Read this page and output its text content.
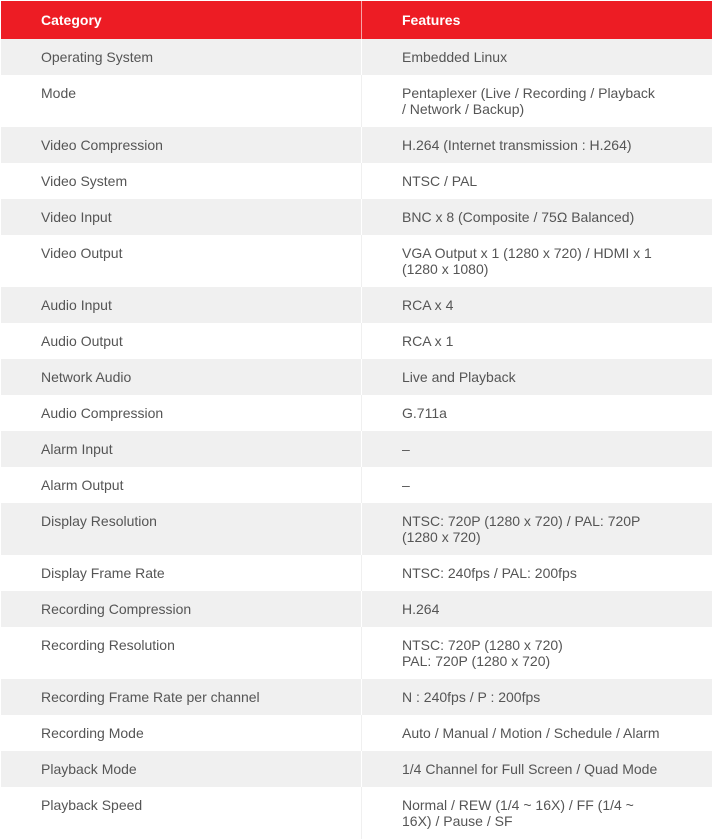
Category	Features
Operating System	Embedded Linux
Mode	Pentaplexer (Live / Recording / Playback / Network / Backup)
Video Compression	H.264 (Internet transmission : H.264)
Video System	NTSC / PAL
Video Input	BNC x 8 (Composite / 75Ω Balanced)
Video Output	VGA Output x 1 (1280 x 720) / HDMI x 1 (1280 x 1080)
Audio Input	RCA x 4
Audio Output	RCA x 1
Network Audio	Live and Playback
Audio Compression	G.711a
Alarm Input	–
Alarm Output	–
Display Resolution	NTSC: 720P (1280 x 720) / PAL: 720P (1280 x 720)
Display Frame Rate	NTSC: 240fps / PAL: 200fps
Recording Compression	H.264
Recording Resolution	NTSC: 720P (1280 x 720)
PAL: 720P (1280 x 720)

Recording Frame Rate per channel	N : 240fps / P : 200fps
Recording Mode	Auto / Manual / Motion / Schedule / Alarm
Playback Mode	1/4 Channel for Full Screen / Quad Mode
Playback Speed	Normal / REW (1/4 ~ 16X) / FF (1/4 ~ 16X) / Pause / SF
